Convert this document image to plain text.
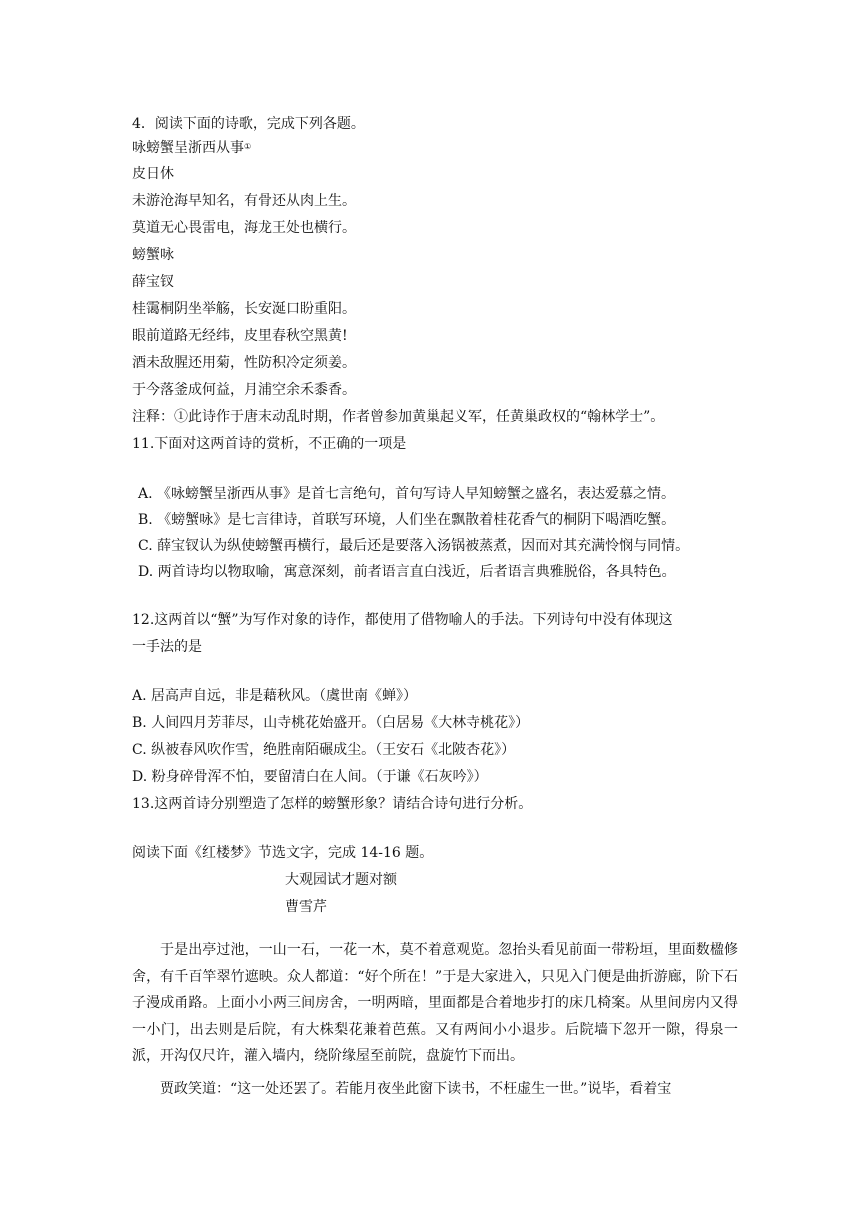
4．阅读下面的诗歌，完成下列各题。
咏螃蟹呈浙西从事①
皮日休
未游沧海早知名，有骨还从肉上生。
莫道无心畏雷电，海龙王处也横行。
螃蟹咏
薛宝钗
桂霭桐阴坐举觞，长安涎口盼重阳。
眼前道路无经纬，皮里春秋空黑黄!
酒未敌腥还用菊，性防积冷定须姜。
于今落釜成何益，月浦空余禾黍香。
注释：①此诗作于唐末动乱时期，作者曾参加黄巢起义军，任黄巢政权的“翰林学士”。
11.下面对这两首诗的赏析，不正确的一项是
A. 《咏螃蟹呈浙西从事》是首七言绝句，首句写诗人早知螃蟹之盛名，表达爱慕之情。
B. 《螃蟹咏》是七言律诗，首联写环境，人们坐在飘散着桂花香气的桐阴下喝酒吃蟹。
C. 薛宝钗认为纵使螃蟹再横行，最后还是要落入汤锅被蒸煮，因而对其充满怜悯与同情。
D. 两首诗均以物取喻，寓意深刻，前者语言直白浅近，后者语言典雅脱俗，各具特色。
12.这两首以“蟹”为写作对象的诗作，都使用了借物喻人的手法。下列诗句中没有体现这
一手法的是
A. 居高声自远，非是藉秋风。（虞世南《蝉》）
B. 人间四月芳菲尽，山寺桃花始盛开。（白居易《大林寺桃花》）
C. 纵被春风吹作雪，绝胜南陌碾成尘。（王安石《北陂杏花》）
D. 粉身碎骨浑不怕，要留清白在人间。（于谦《石灰吟》）
13.这两首诗分别塑造了怎样的螃蟹形象？请结合诗句进行分析。
阅读下面《红楼梦》节选文字，完成 14-16 题。
大观园试才题对额
曹雪芹
于是出亭过池，一山一石，一花一木，莫不着意观览。忽抬头看见前面一带粉垣，里面数楹修舍，有千百竿翠竹遮映。众人都道：“好个所在！”于是大家进入，只见入门便是曲折游廊，阶下石子漫成甬路。上面小小两三间房舍，一明两暗，里面都是合着地步打的床几椅案。从里间房内又得一小门，出去则是后院，有大株梨花兼着芭蕉。又有两间小小退步。后院墙下忽开一隙，得泉一派，开沟仅尺许，灌入墙内，绕阶缘屋至前院，盘旋竹下而出。
贾政笑道：“这一处还罢了。若能月夜坐此窗下读书，不枉虚生一世。”说毕，看着宝
